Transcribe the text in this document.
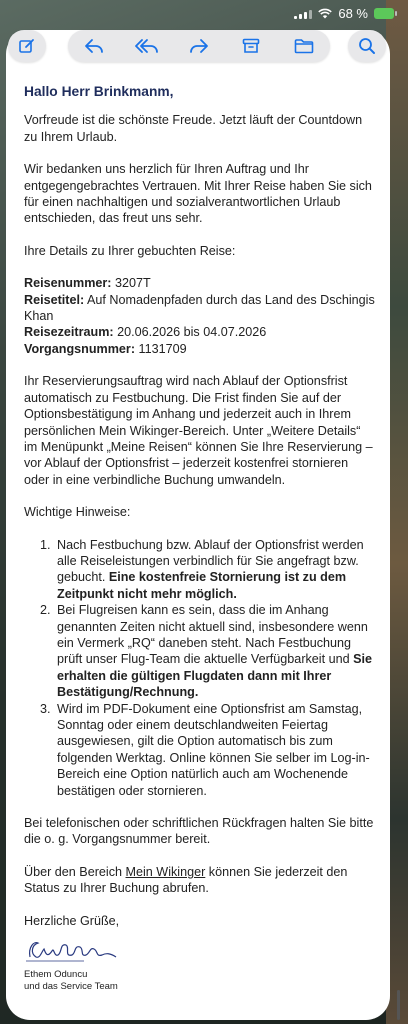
68 %
Hallo Herr Brinkmanm,

Vorfreude ist die schönste Freude. Jetzt läuft der Countdown zu Ihrem Urlaub.

Wir bedanken uns herzlich für Ihren Auftrag und Ihr entgegengebrachtes Vertrauen. Mit Ihrer Reise haben Sie sich für einen nachhaltigen und sozialverantwortlichen Urlaub entschieden, das freut uns sehr.

Ihre Details zu Ihrer gebuchten Reise:

Reisenummer: 3207T
Reisetitel: Auf Nomadenpfaden durch das Land des Dschingis Khan
Reisezeitraum: 20.06.2026 bis 04.07.2026
Vorgangsnummer: 1131709

Ihr Reservierungsauftrag wird nach Ablauf der Optionsfrist automatisch zu Festbuchung. Die Frist finden Sie auf der Optionsbestätigung im Anhang und jederzeit auch in Ihrem persönlichen Mein Wikinger-Bereich. Unter „Weitere Details“ im Menüpunkt „Meine Reisen“ können Sie Ihre Reservierung – vor Ablauf der Optionsfrist – jederzeit kostenfrei stornieren oder in eine verbindliche Buchung umwandeln.

Wichtige Hinweise:

1. Nach Festbuchung bzw. Ablauf der Optionsfrist werden alle Reiseleistungen verbindlich für Sie angefragt bzw. gebucht. Eine kostenfreie Stornierung ist zu dem Zeitpunkt nicht mehr möglich.
2. Bei Flugreisen kann es sein, dass die im Anhang genannten Zeiten nicht aktuell sind, insbesondere wenn ein Vermerk „RQ“ daneben steht. Nach Festbuchung prüft unser Flug-Team die aktuelle Verfügbarkeit und Sie erhalten die gültigen Flugdaten dann mit Ihrer Bestätigung/Rechnung.
3. Wird im PDF-Dokument eine Optionsfrist am Samstag, Sonntag oder einem deutschlandweiten Feiertag ausgewiesen, gilt die Option automatisch bis zum folgenden Werktag. Online können Sie selber im Log-in-Bereich eine Option natürlich auch am Wochenende bestätigen oder stornieren.

Bei telefonischen oder schriftlichen Rückfragen halten Sie bitte die o. g. Vorgangsnummer bereit.

Über den Bereich Mein Wikinger können Sie jederzeit den Status zu Ihrer Buchung abrufen.

Herzliche Grüße,

Ethem Oduncu
und das Service Team
